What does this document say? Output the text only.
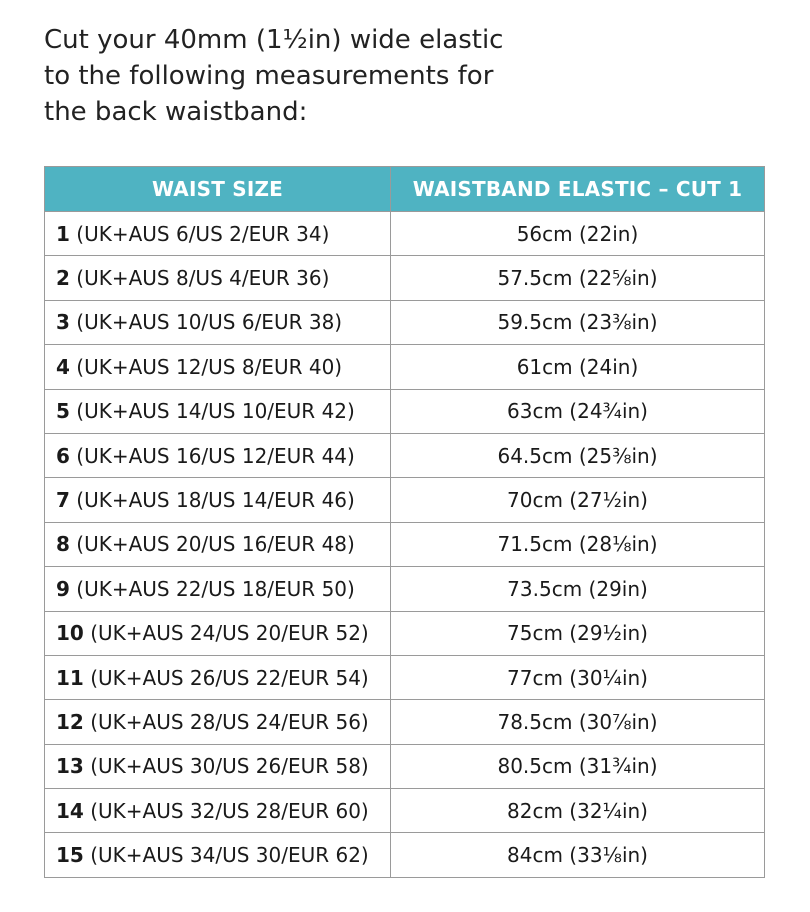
Cut your 40mm (1½in) wide elastic
to the following measurements for
the back waistband:

WAIST SIZE	WAISTBAND ELASTIC – CUT 1
1 (UK+AUS 6/US 2/EUR 34)	56cm (22in)
2 (UK+AUS 8/US 4/EUR 36)	57.5cm (22⅝in)
3 (UK+AUS 10/US 6/EUR 38)	59.5cm (23⅜in)
4 (UK+AUS 12/US 8/EUR 40)	61cm (24in)
5 (UK+AUS 14/US 10/EUR 42)	63cm (24¾in)
6 (UK+AUS 16/US 12/EUR 44)	64.5cm (25⅜in)
7 (UK+AUS 18/US 14/EUR 46)	70cm (27½in)
8 (UK+AUS 20/US 16/EUR 48)	71.5cm (28⅛in)
9 (UK+AUS 22/US 18/EUR 50)	73.5cm (29in)
10 (UK+AUS 24/US 20/EUR 52)	75cm (29½in)
11 (UK+AUS 26/US 22/EUR 54)	77cm (30¼in)
12 (UK+AUS 28/US 24/EUR 56)	78.5cm (30⅞in)
13 (UK+AUS 30/US 26/EUR 58)	80.5cm (31¾in)
14 (UK+AUS 32/US 28/EUR 60)	82cm (32¼in)
15 (UK+AUS 34/US 30/EUR 62)	84cm (33⅛in)
